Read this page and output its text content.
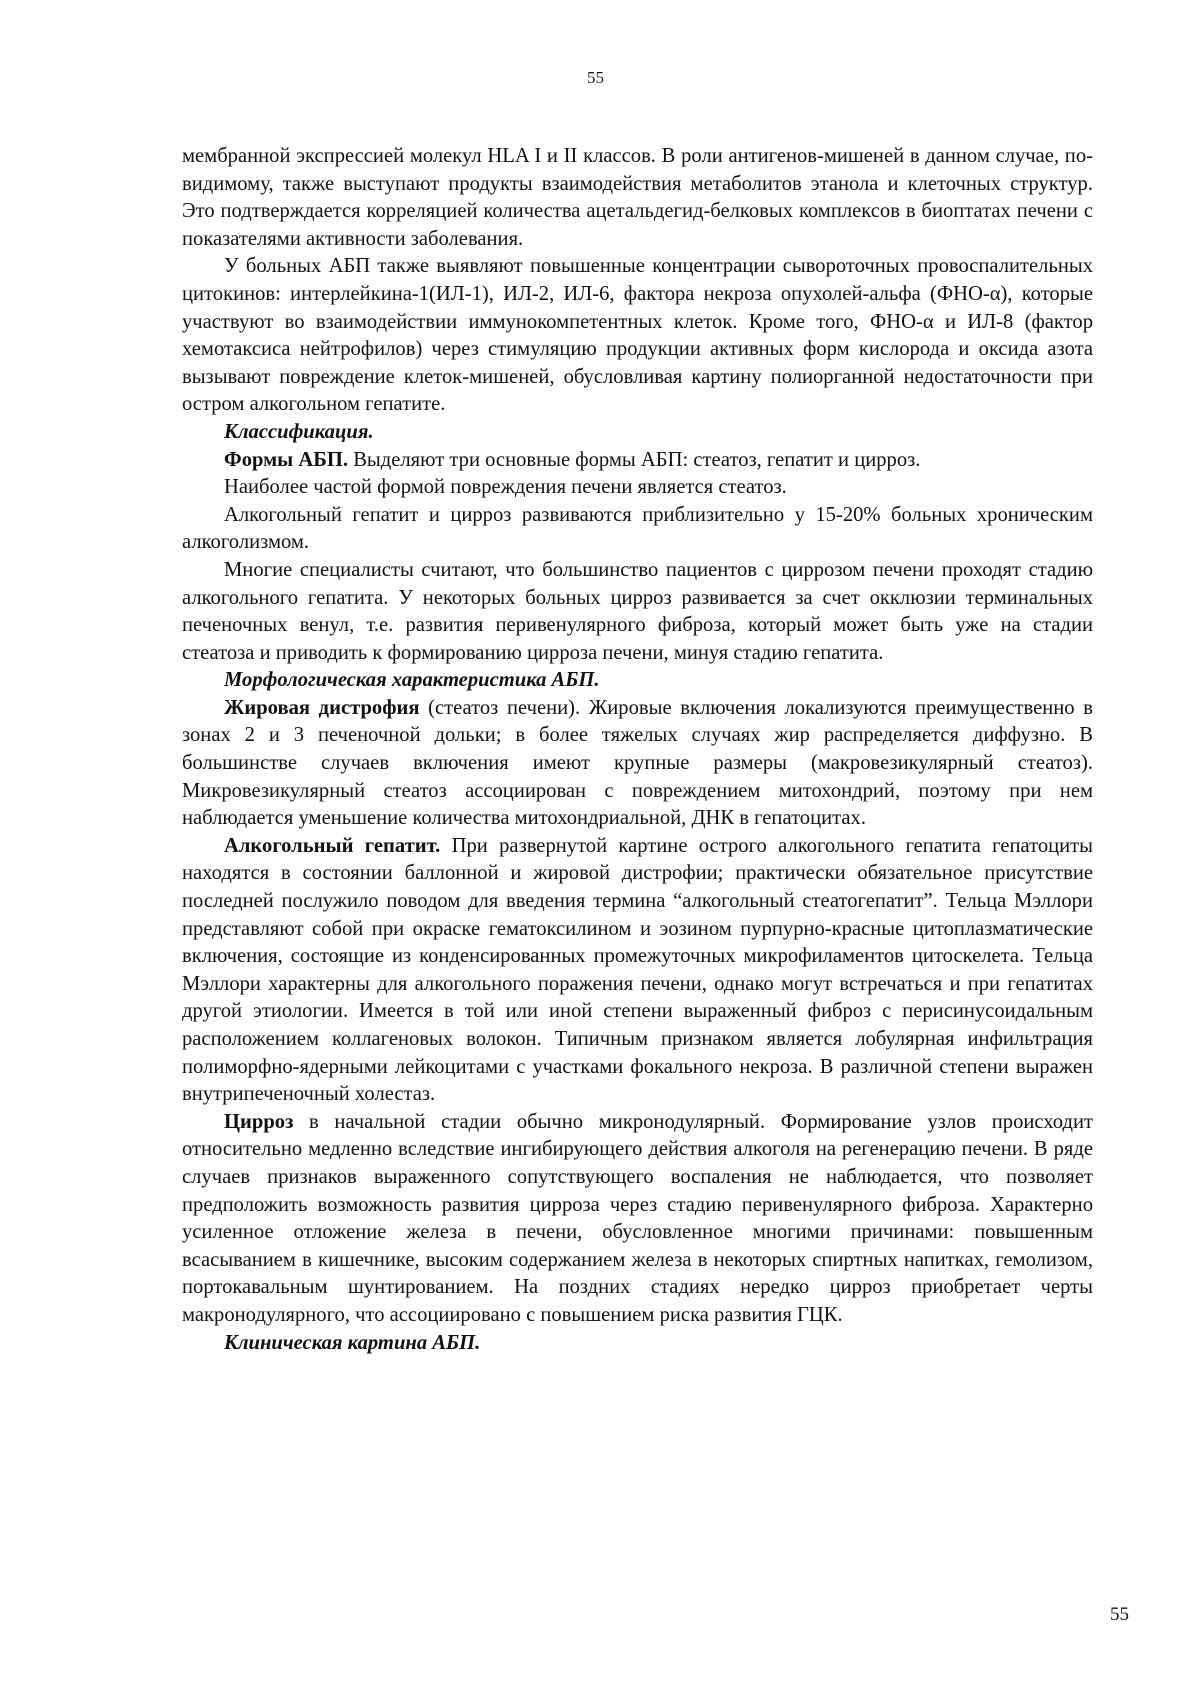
55

мембранной экспрессией молекул HLA I и II классов. В роли антигенов-мишеней в данном случае, по-видимому, также выступают продукты взаимодействия метаболитов этанола и клеточных структур. Это подтверждается корреляцией количества ацетальдегид-белковых комплексов в биоптатах печени с показателями активности заболевания.

У больных АБП также выявляют повышенные концентрации сывороточных провоспалительных цитокинов: интерлейкина-1(ИЛ-1), ИЛ-2, ИЛ-6, фактора некроза опухолей-альфа (ФНО-α), которые участвуют во взаимодействии иммунокомпетентных клеток. Кроме того, ФНО-α и ИЛ-8 (фактор хемотаксиса нейтрофилов) через стимуляцию продукции активных форм кислорода и оксида азота вызывают повреждение клеток-мишеней, обусловливая картину полиорганной недостаточности при остром алкогольном гепатите.

Классификация.

Формы АБП. Выделяют три основные формы АБП: стеатоз, гепатит и цирроз.

Наиболее частой формой повреждения печени является стеатоз.

Алкогольный гепатит и цирроз развиваются приблизительно у 15-20% больных хроническим алкоголизмом.

Многие специалисты считают, что большинство пациентов с циррозом печени проходят стадию алкогольного гепатита. У некоторых больных цирроз развивается за счет окклюзии терминальных печеночных венул, т.е. развития перивенулярного фиброза, который может быть уже на стадии стеатоза и приводить к формированию цирроза печени, минуя стадию гепатита.

Морфологическая характеристика АБП.

Жировая дистрофия (стеатоз печени). Жировые включения локализуются преимущественно в зонах 2 и 3 печеночной дольки; в более тяжелых случаях жир распределяется диффузно. В большинстве случаев включения имеют крупные размеры (макровезикулярный стеатоз). Микровезикулярный стеатоз ассоциирован с повреждением митохондрий, поэтому при нем наблюдается уменьшение количества митохондриальной, ДНК в гепатоцитах.

Алкогольный гепатит. При развернутой картине острого алкогольного гепатита гепатоциты находятся в состоянии баллонной и жировой дистрофии; практически обязательное присутствие последней послужило поводом для введения термина “алкогольный стеатогепатит”. Тельца Мэллори представляют собой при окраске гематоксилином и эозином пурпурно-красные цитоплазматические включения, состоящие из конденсированных промежуточных микрофиламентов цитоскелета. Тельца Мэллори характерны для алкогольного поражения печени, однако могут встречаться и при гепатитах другой этиологии. Имеется в той или иной степени выраженный фиброз с перисинусоидальным расположением коллагеновых волокон. Типичным признаком является лобулярная инфильтрация полиморфно-ядерными лейкоцитами с участками фокального некроза. В различной степени выражен внутрипеченочный холестаз.

Цирроз в начальной стадии обычно микронодулярный. Формирование узлов происходит относительно медленно вследствие ингибирующего действия алкоголя на регенерацию печени. В ряде случаев признаков выраженного сопутствующего воспаления не наблюдается, что позволяет предположить возможность развития цирроза через стадию перивенулярного фиброза. Характерно усиленное отложение железа в печени, обусловленное многими причинами: повышенным всасыванием в кишечнике, высоким содержанием железа в некоторых спиртных напитках, гемолизом, портокавальным шунтированием. На поздних стадиях нередко цирроз приобретает черты макронодулярного, что ассоциировано с повышением риска развития ГЦК.

Клиническая картина АБП.

55
